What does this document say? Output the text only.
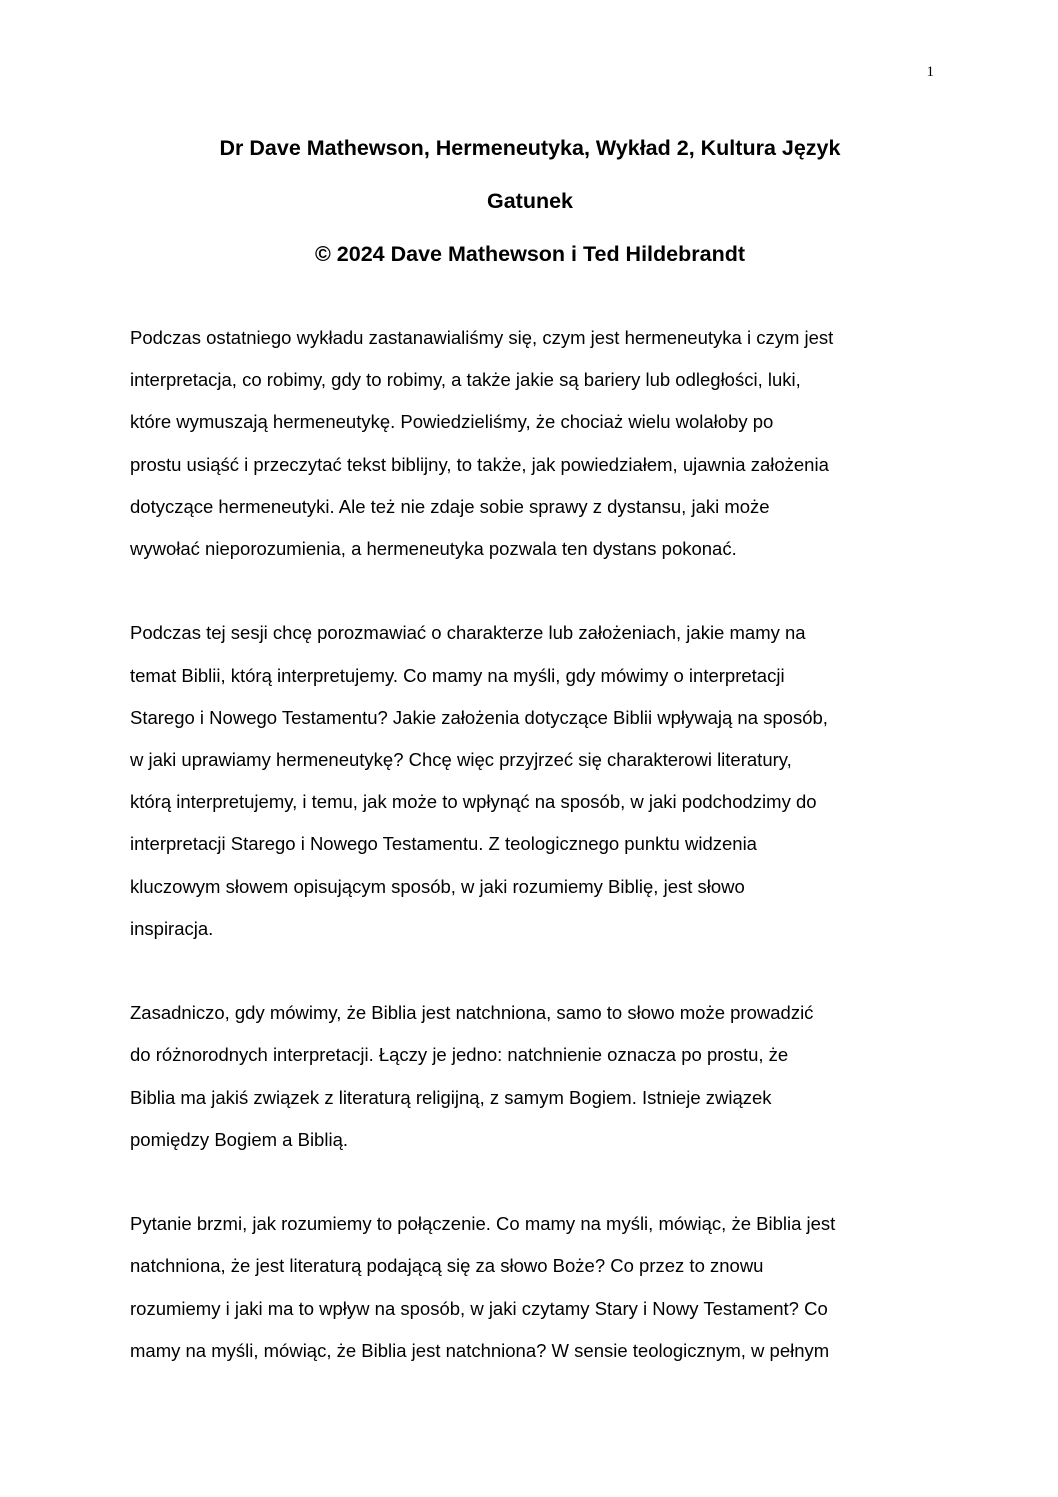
1
Dr Dave Mathewson, Hermeneutyka, Wykład 2, Kultura Język
Gatunek
© 2024 Dave Mathewson i Ted Hildebrandt

Podczas ostatniego wykładu zastanawialiśmy się, czym jest hermeneutyka i czym jest
interpretacja, co robimy, gdy to robimy, a także jakie są bariery lub odległości, luki,
które wymuszają hermeneutykę. Powiedzieliśmy, że chociaż wielu wolałoby po
prostu usiąść i przeczytać tekst biblijny, to także, jak powiedziałem, ujawnia założenia
dotyczące hermeneutyki. Ale też nie zdaje sobie sprawy z dystansu, jaki może
wywołać nieporozumienia, a hermeneutyka pozwala ten dystans pokonać.

Podczas tej sesji chcę porozmawiać o charakterze lub założeniach, jakie mamy na
temat Biblii, którą interpretujemy. Co mamy na myśli, gdy mówimy o interpretacji
Starego i Nowego Testamentu? Jakie założenia dotyczące Biblii wpływają na sposób,
w jaki uprawiamy hermeneutykę? Chcę więc przyjrzeć się charakterowi literatury,
którą interpretujemy, i temu, jak może to wpłynąć na sposób, w jaki podchodzimy do
interpretacji Starego i Nowego Testamentu. Z teologicznego punktu widzenia
kluczowym słowem opisującym sposób, w jaki rozumiemy Biblię, jest słowo
inspiracja.

Zasadniczo, gdy mówimy, że Biblia jest natchniona, samo to słowo może prowadzić
do różnorodnych interpretacji. Łączy je jedno: natchnienie oznacza po prostu, że
Biblia ma jakiś związek z literaturą religijną, z samym Bogiem. Istnieje związek
pomiędzy Bogiem a Biblią.

Pytanie brzmi, jak rozumiemy to połączenie. Co mamy na myśli, mówiąc, że Biblia jest
natchniona, że jest literaturą podającą się za słowo Boże? Co przez to znowu
rozumiemy i jaki ma to wpływ na sposób, w jaki czytamy Stary i Nowy Testament? Co
mamy na myśli, mówiąc, że Biblia jest natchniona? W sensie teologicznym, w pełnym
